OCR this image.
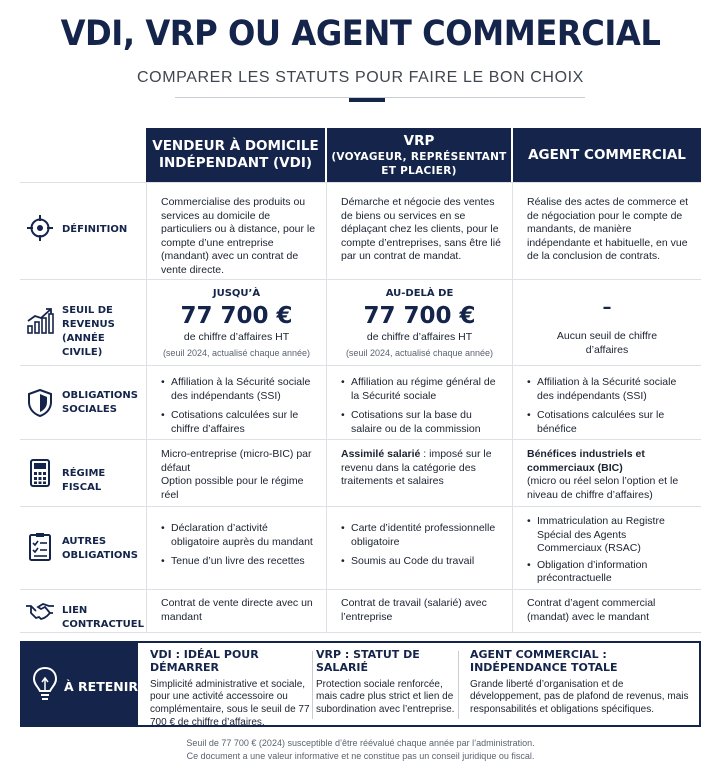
VDI, VRP OU AGENT COMMERCIAL
COMPARER LES STATUTS POUR FAIRE LE BON CHOIX
VENDEUR À DOMICILE
INDÉPENDANT (VDI)
VRP
(VOYAGEUR, REPRÉSENTANT
ET PLACIER)
AGENT COMMERCIAL
DÉFINITION
Commercialise des produits ou services au domicile de particuliers ou à distance, pour le compte d’une entreprise (mandant) avec un contrat de vente directe.
Démarche et négocie des ventes de biens ou services en se déplaçant chez les clients, pour le compte d’entreprises, sans être lié par un contrat de mandat.
Réalise des actes de commerce et de négociation pour le compte de mandants, de manière indépendante et habituelle, en vue de la conclusion de contrats.
SEUIL DE REVENUS (ANNÉE CIVILE)
JUSQU’À
77 700 €
de chiffre d’affaires HT
(seuil 2024, actualisé chaque année)
AU-DELÀ DE
77 700 €
de chiffre d’affaires HT
(seuil 2024, actualisé chaque année)
–
Aucun seuil de chiffre d’affaires
OBLIGATIONS SOCIALES
• Affiliation à la Sécurité sociale des indépendants (SSI)
• Cotisations calculées sur le chiffre d’affaires
• Affiliation au régime général de la Sécurité sociale
• Cotisations sur la base du salaire ou de la commission
• Affiliation à la Sécurité sociale des indépendants (SSI)
• Cotisations calculées sur le bénéfice
RÉGIME FISCAL
Micro-entreprise (micro-BIC) par défaut
Option possible pour le régime réel
Assimilé salarié : imposé sur le revenu dans la catégorie des traitements et salaires
Bénéfices industriels et commerciaux (BIC)
(micro ou réel selon l’option et le niveau de chiffre d’affaires)
AUTRES OBLIGATIONS
• Déclaration d’activité obligatoire auprès du mandant
• Tenue d’un livre des recettes
• Carte d’identité professionnelle obligatoire
• Soumis au Code du travail
• Immatriculation au Registre Spécial des Agents Commerciaux (RSAC)
• Obligation d’information précontractuelle
LIEN CONTRACTUEL
Contrat de vente directe avec un mandant
Contrat de travail (salarié) avec l’entreprise
Contrat d’agent commercial (mandat) avec le mandant
À RETENIR
VDI : IDÉAL POUR DÉMARRER
Simplicité administrative et sociale, pour une activité accessoire ou complémentaire, sous le seuil de 77 700 € de chiffre d’affaires.
VRP : STATUT DE SALARIÉ
Protection sociale renforcée, mais cadre plus strict et lien de subordination avec l’entreprise.
AGENT COMMERCIAL : INDÉPENDANCE TOTALE
Grande liberté d’organisation et de développement, pas de plafond de revenus, mais responsabilités et obligations spécifiques.
Seuil de 77 700 € (2024) susceptible d’être réévalué chaque année par l’administration.
Ce document a une valeur informative et ne constitue pas un conseil juridique ou fiscal.
